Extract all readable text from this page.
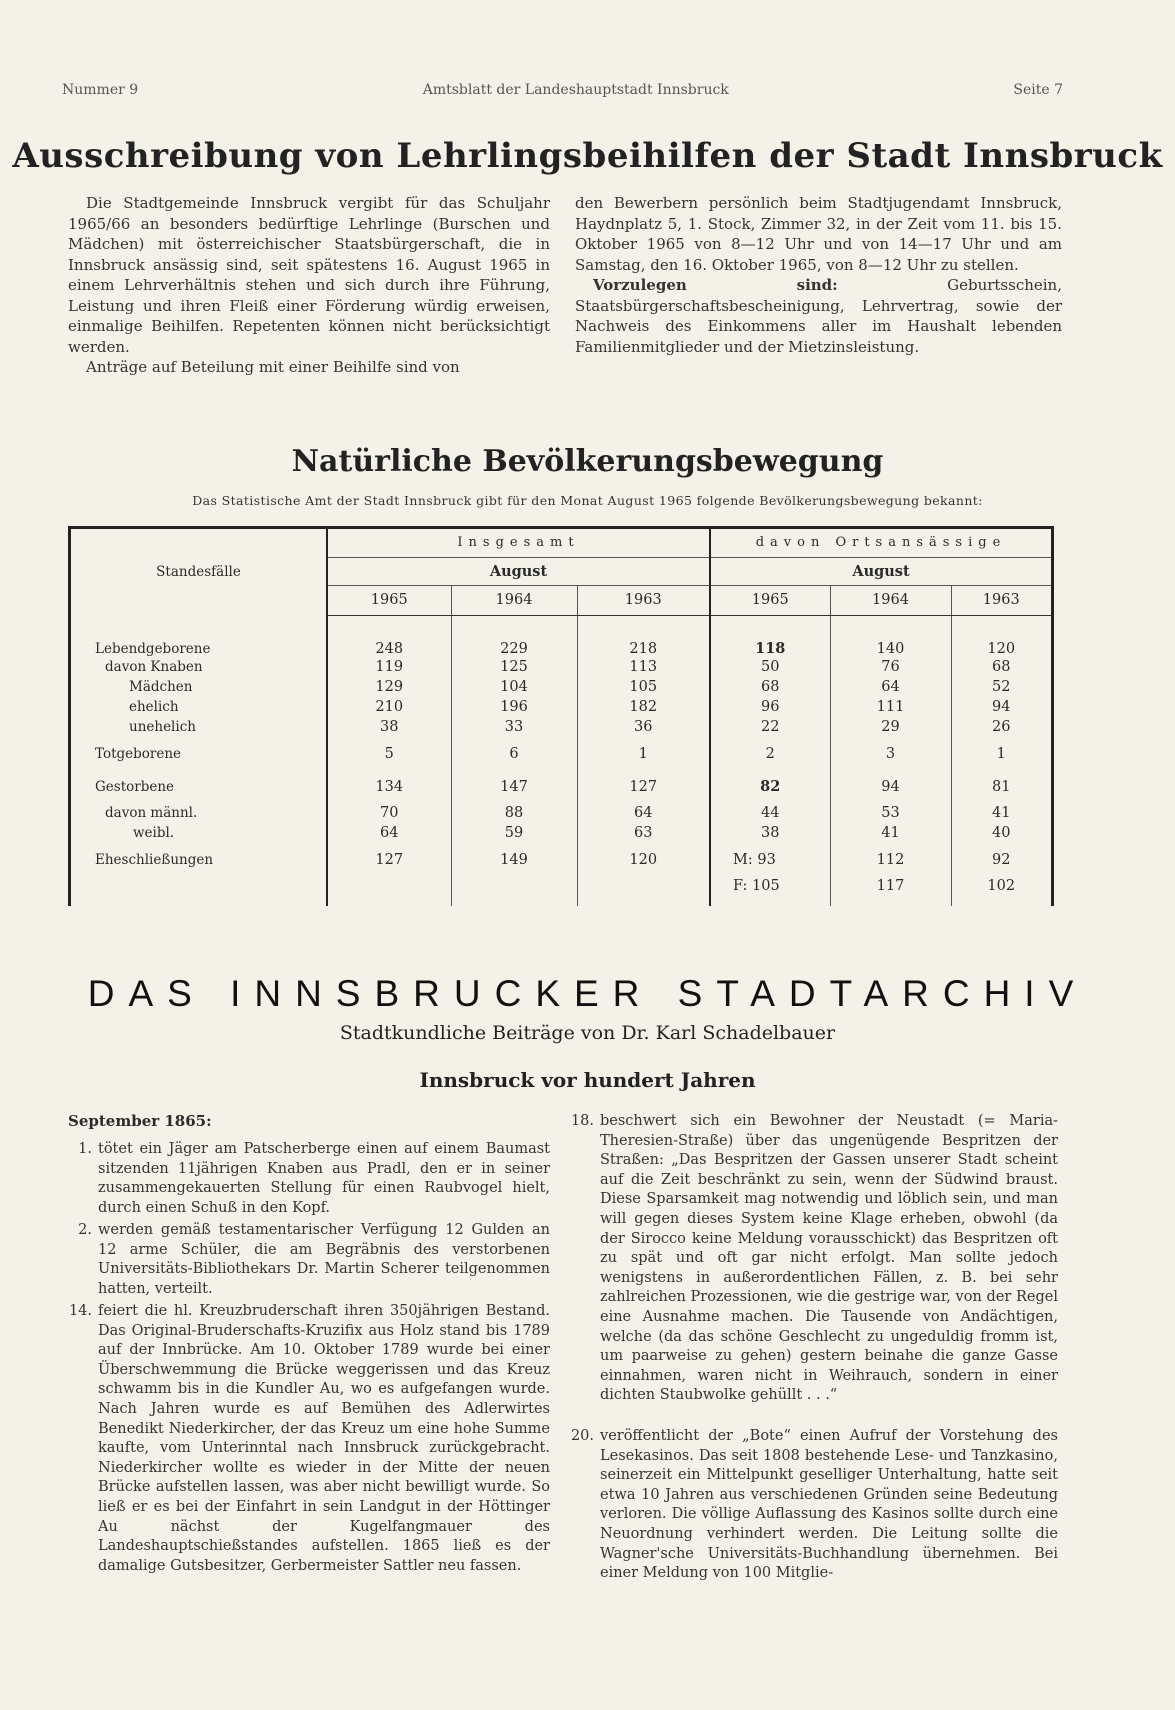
Nummer 9	Amtsblatt der Landeshauptstadt Innsbruck	Seite 7
Ausschreibung von Lehrlingsbeihilfen der Stadt Innsbruck

Die Stadtgemeinde Innsbruck vergibt für das Schuljahr 1965/66 an besonders bedürftige Lehrlinge (Burschen und Mädchen) mit österreichischer Staatsbürgerschaft, die in Innsbruck ansässig sind, seit spätestens 16. August 1965 in einem Lehrverhältnis stehen und sich durch ihre Führung, Leistung und ihren Fleiß einer Förderung würdig erweisen, einmalige Beihilfen. Repetenten können nicht berücksichtigt werden.

Anträge auf Beteilung mit einer Beihilfe sind von

den Bewerbern persönlich beim Stadtjugendamt Innsbruck, Haydnplatz 5, 1. Stock, Zimmer 32, in der Zeit vom 11. bis 15. Oktober 1965 von 8—12 Uhr und von 14—17 Uhr und am Samstag, den 16. Oktober 1965, von 8—12 Uhr zu stellen.

Vorzulegen sind: Geburtsschein, Staatsbürgerschaftsbescheinigung, Lehrvertrag, sowie der Nachweis des Einkommens aller im Haushalt lebenden Familienmitglieder und der Mietzinsleistung.

Natürliche Bevölkerungsbewegung
Das Statistische Amt der Stadt Innsbruck gibt für den Monat August 1965 folgende Bevölkerungsbewegung bekannt:
Standesfälle	Insgesamt			davon Ortsansässige		
	August			August		
	1965	1964	1963	1965	1964	1963
Lebendgeborene	248	229	218	118	140	120
davon Knaben	119	125	113	50	76	68
Mädchen	129	104	105	68	64	52
ehelich	210	196	182	96	111	94
unehelich	38	33	36	22	29	26
Totgeborene	5	6	1	2	3	1
Gestorbene	134	147	127	82	94	81
davon männl.	70	88	64	44	53	41
weibl.	64	59	63	38	41	40
Eheschließungen	127	149	120	M: 93	112	92
				F: 105	117	102

DAS INNSBRUCKER STADTARCHIV
Stadtkundliche Beiträge von Dr. Karl Schadelbauer
Innsbruck vor hundert Jahren
September 1865:
1. tötet ein Jäger am Patscherberge einen auf einem Baumast sitzenden 11jährigen Knaben aus Pradl, den er in seiner zusammengekauerten Stellung für einen Raubvogel hielt, durch einen Schuß in den Kopf.
2. werden gemäß testamentarischer Verfügung 12 Gulden an 12 arme Schüler, die am Begräbnis des verstorbenen Universitäts-Bibliothekars Dr. Martin Scherer teilgenommen hatten, verteilt.
14. feiert die hl. Kreuzbruderschaft ihren 350jährigen Bestand. Das Original-Bruderschafts-Kruzifix aus Holz stand bis 1789 auf der Innbrücke. Am 10. Oktober 1789 wurde bei einer Überschwemmung die Brücke weggerissen und das Kreuz schwamm bis in die Kundler Au, wo es aufgefangen wurde. Nach Jahren wurde es auf Bemühen des Adlerwirtes Benedikt Niederkircher, der das Kreuz um eine hohe Summe kaufte, vom Unterinntal nach Innsbruck zurückgebracht. Niederkircher wollte es wieder in der Mitte der neuen Brücke aufstellen lassen, was aber nicht bewilligt wurde. So ließ er es bei der Einfahrt in sein Landgut in der Höttinger Au nächst der Kugelfangmauer des Landeshauptschießstandes aufstellen. 1865 ließ es der damalige Gutsbesitzer, Gerbermeister Sattler neu fassen.
18. beschwert sich ein Bewohner der Neustadt (= Maria-Theresien-Straße) über das ungenügende Bespritzen der Straßen: „Das Bespritzen der Gassen unserer Stadt scheint auf die Zeit beschränkt zu sein, wenn der Südwind braust. Diese Sparsamkeit mag notwendig und löblich sein, und man will gegen dieses System keine Klage erheben, obwohl (da der Sirocco keine Meldung vorausschickt) das Bespritzen oft zu spät und oft gar nicht erfolgt. Man sollte jedoch wenigstens in außerordentlichen Fällen, z. B. bei sehr zahlreichen Prozessionen, wie die gestrige war, von der Regel eine Ausnahme machen. Die Tausende von Andächtigen, welche (da das schöne Geschlecht zu ungeduldig fromm ist, um paarweise zu gehen) gestern beinahe die ganze Gasse einnahmen, waren nicht in Weihrauch, sondern in einer dichten Staubwolke gehüllt . . .“
20. veröffentlicht der „Bote“ einen Aufruf der Vorstehung des Lesekasinos. Das seit 1808 bestehende Lese- und Tanzkasino, seinerzeit ein Mittelpunkt geselliger Unterhaltung, hatte seit etwa 10 Jahren aus verschiedenen Gründen seine Bedeutung verloren. Die völlige Auflassung des Kasinos sollte durch eine Neuordnung verhindert werden. Die Leitung sollte die Wagner'sche Universitäts-Buchhandlung übernehmen. Bei einer Meldung von 100 Mitglie-
